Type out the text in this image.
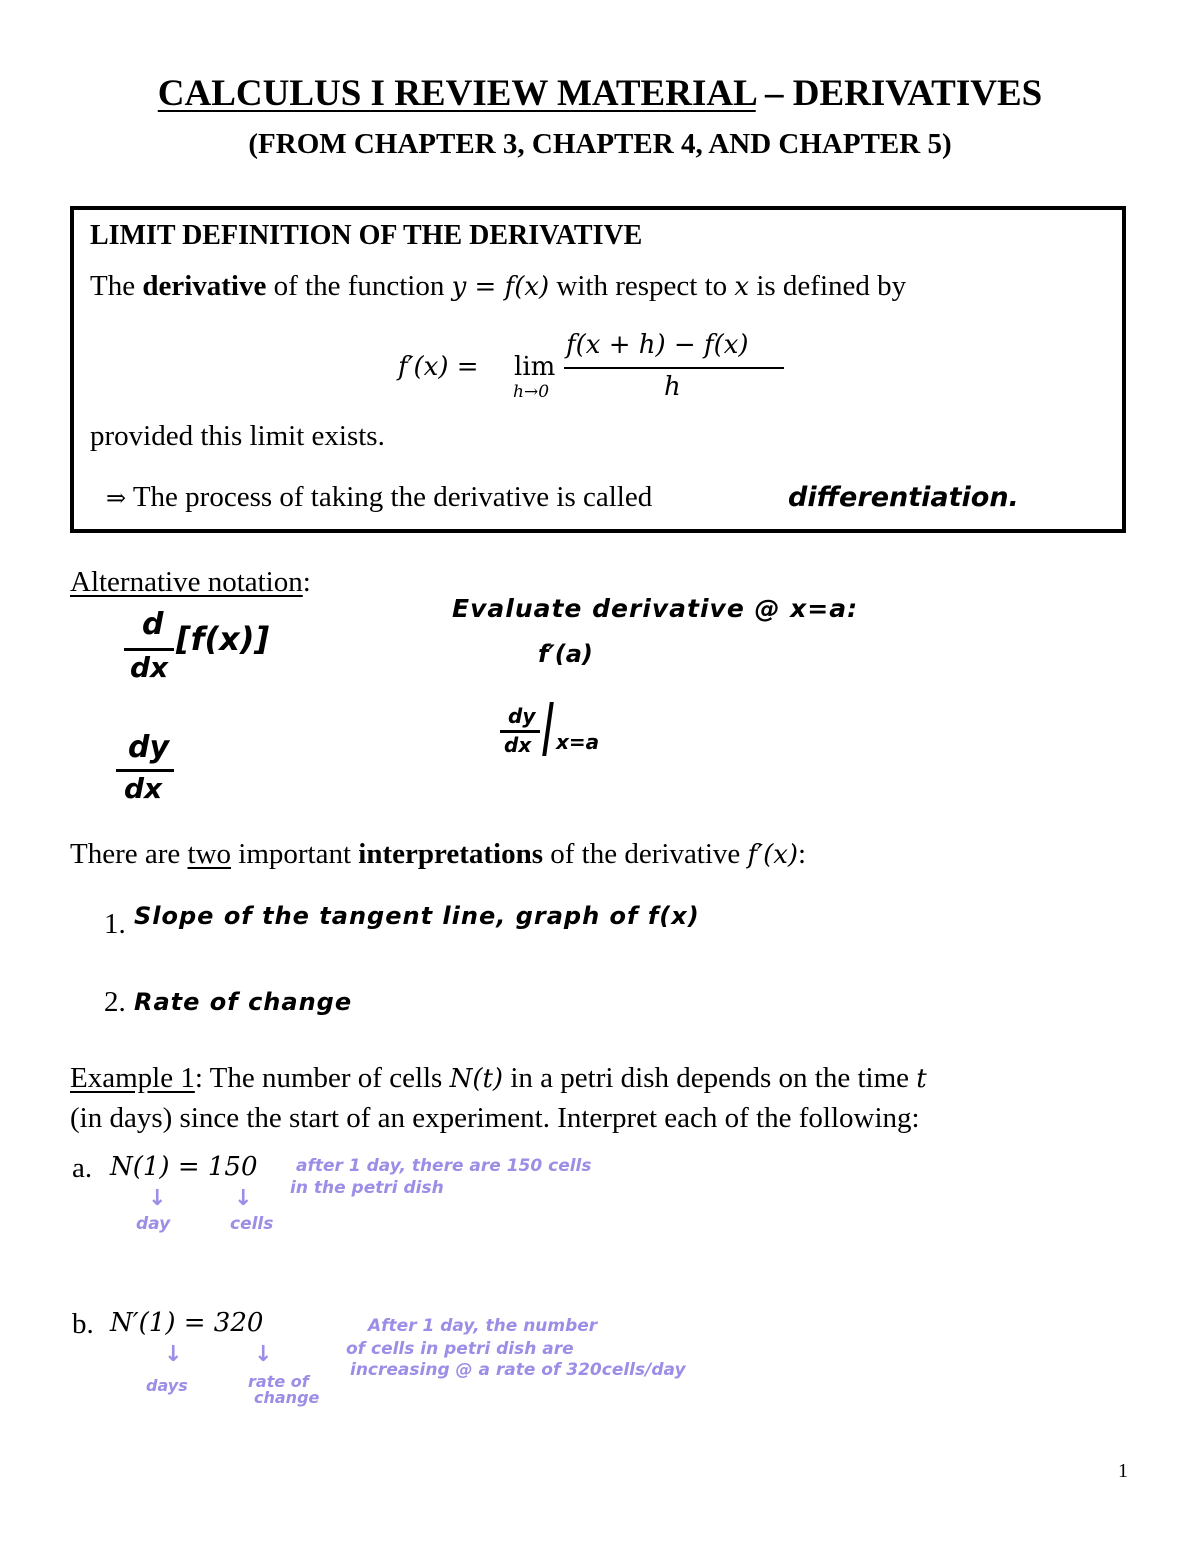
CALCULUS I REVIEW MATERIAL – DERIVATIVES
(FROM CHAPTER 3, CHAPTER 4, AND CHAPTER 5)
LIMIT DEFINITION OF THE DERIVATIVE
The derivative of the function y = f(x) with respect to x is defined by
f′(x) = lim
h→0
f(x + h) − f(x)
h
provided this limit exists.
⇒ The process of taking the derivative is called	differentiation.
Alternative notation:
d
dx
[f(x)]
dy
dx
Evaluate derivative @ x=a:
f′(a)
dy
dx x=a
There are two important interpretations of the derivative f′(x):
1. Slope of the tangent line, graph of f(x)
2. Rate of change
Example 1: The number of cells N(t) in a petri dish depends on the time t
(in days) since the start of an experiment. Interpret each of the following:
a. N(1) = 150 after 1 day, there are 150 cells
in the petri dish
↓	↓
day	cells
b. N′(1) = 320	After 1 day, the number
of cells in petri dish are
increasing @ a rate of 320cells/day
↓	↓
days	rate of
change
1
